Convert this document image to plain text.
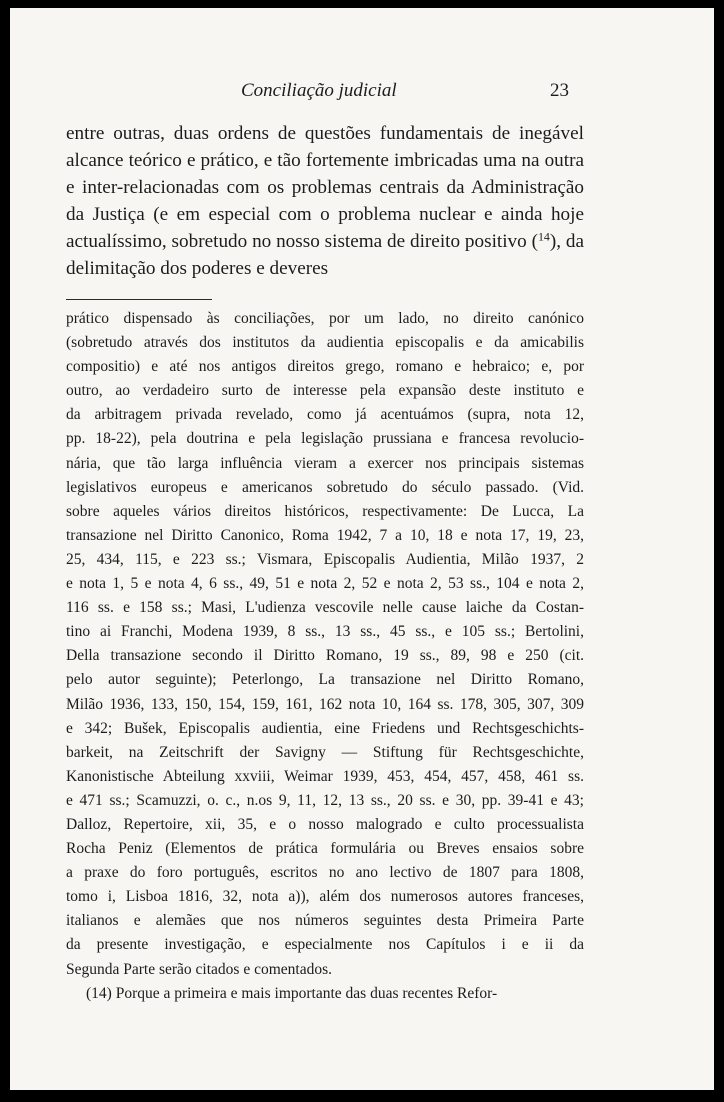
Conciliação judicial	23

entre outras, duas ordens de questões fundamentais de inegável alcance teórico e prático, e tão fortemente imbricadas uma na outra e inter-relacionadas com os problemas centrais da Administração da Justiça (e em especial com o problema nuclear e ainda hoje actualíssimo, sobretudo no nosso sistema de direito positivo ($^{14}$), da delimitação dos poderes e deveres

prático dispensado às conciliações, por um lado, no direito canónico
(sobretudo através dos institutos da audientia episcopalis e da amicabilis
compositio) e até nos antigos direitos grego, romano e hebraico; e, por
outro, ao verdadeiro surto de interesse pela expansão deste instituto e
da arbitragem privada revelado, como já acentuámos (supra, nota 12,
pp. 18-22), pela doutrina e pela legislação prussiana e francesa revolucio-
nária, que tão larga influência vieram a exercer nos principais sistemas
legislativos europeus e americanos sobretudo do século passado. (Vid.
sobre aqueles vários direitos históricos, respectivamente: De Lucca, La
transazione nel Diritto Canonico, Roma 1942, 7 a 10, 18 e nota 17, 19, 23,
25, 434, 115, e 223 ss.; Vismara, Episcopalis Audientia, Milão 1937, 2
e nota 1, 5 e nota 4, 6 ss., 49, 51 e nota 2, 52 e nota 2, 53 ss., 104 e nota 2,
116 ss. e 158 ss.; Masi, L'udienza vescovile nelle cause laiche da Costan-
tino ai Franchi, Modena 1939, 8 ss., 13 ss., 45 ss., e 105 ss.; Bertolini,
Della transazione secondo il Diritto Romano, 19 ss., 89, 98 e 250 (cit.
pelo autor seguinte); Peterlongo, La transazione nel Diritto Romano,
Milão 1936, 133, 150, 154, 159, 161, 162 nota 10, 164 ss. 178, 305, 307, 309
e 342; Bušek, Episcopalis audientia, eine Friedens und Rechtsgeschichts-
barkeit, na Zeitschrift der Savigny — Stiftung für Rechtsgeschichte,
Kanonistische Abteilung xxviii, Weimar 1939, 453, 454, 457, 458, 461 ss.
e 471 ss.; Scamuzzi, o. c., n.os 9, 11, 12, 13 ss., 20 ss. e 30, pp. 39-41 e 43;
Dalloz, Repertoire, xii, 35, e o nosso malogrado e culto processualista
Rocha Peniz (Elementos de prática formulária ou Breves ensaios sobre
a praxe do foro português, escritos no ano lectivo de 1807 para 1808,
tomo i, Lisboa 1816, 32, nota a)), além dos numerosos autores franceses,
italianos e alemães que nos números seguintes desta Primeira Parte
da presente investigação, e especialmente nos Capítulos i e ii da
Segunda Parte serão citados e comentados.
(14) Porque a primeira e mais importante das duas recentes Refor-
